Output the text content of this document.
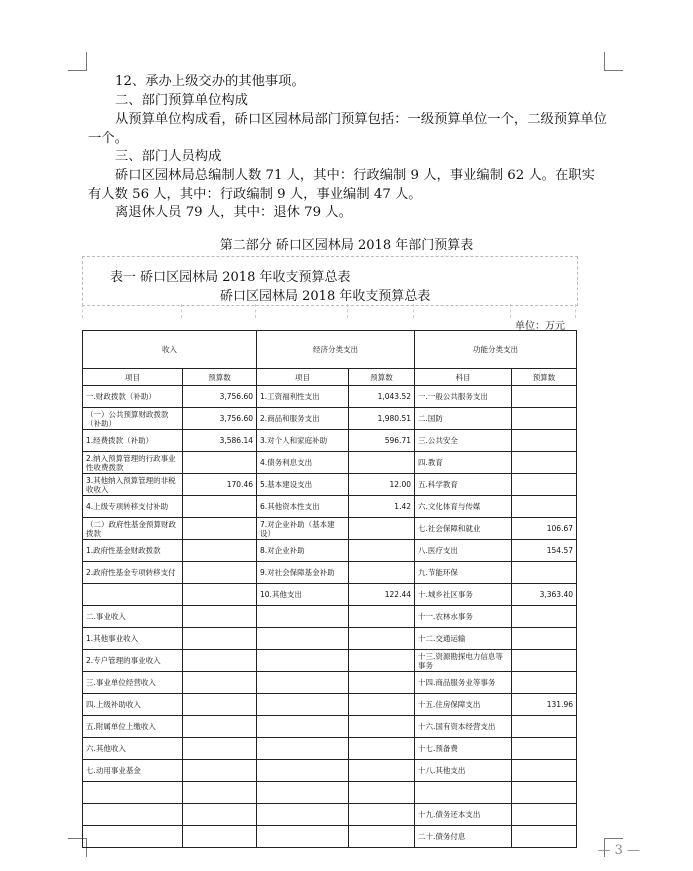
12、承办上级交办的其他事项。

二、部门预算单位构成

从预算单位构成看，硚口区园林局部门预算包括：一级预算单位一个，二级预算单位一个。

三、部门人员构成

硚口区园林局总编制人数 71 人，其中：行政编制 9 人，事业编制 62 人。在职实有人数 56 人，其中：行政编制 9 人，事业编制 47 人。

离退休人员 79 人，其中：退休 79 人。

第二部分 硚口区园林局 2018 年部门预算表
表一 硚口区园林局 2018 年收支预算总表
硚口区园林局 2018 年收支预算总表
单位：万元
收入		经济分类支出		功能分类支出	
项目	预算数	项目	预算数	科目	预算数
一.财政拨款（补助）	3,756.60	1.工资福利性支出	1,043.52	一.一般公共服务支出	
（一）公共预算财政拨款（补助）	3,756.60	2.商品和服务支出	1,980.51	二.国防	
1.经费拨款（补助）	3,586.14	3.对个人和家庭补助	596.71	三.公共安全	
2.纳入预算管理的行政事业性收费拨款		4.债务利息支出		四.教育	
3.其他纳入预算管理的非税收收入	170.46	5.基本建设支出	12.00	五.科学教育	
4.上级专项转移支付补助		6.其他资本性支出	1.42	六.文化体育与传媒	
（二）政府性基金预算财政拨款		7.对企业补助（基本建设）		七.社会保障和就业	106.67
1.政府性基金财政拨款		8.对企业补助		八.医疗支出	154.57
2.政府性基金专项转移支付		9.对社会保障基金补助		九.节能环保	
		10.其他支出	122.44	十.城乡社区事务	3,363.40
二.事业收入				十一.农林水事务	
1.其他事业收入				十二.交通运输	
2.专户管理的事业收入				十三.资源勘探电力信息等事务	
三.事业单位经营收入				十四.商品服务业等事务	
四.上级补助收入				十五.住房保障支出	131.96
五.附属单位上缴收入				十六.国有资本经营支出	
六.其他收入				十七.预备费	
七.动用事业基金				十八.其他支出	

				十九.债务还本支出	
				二十.债务付息	
— 3 —
